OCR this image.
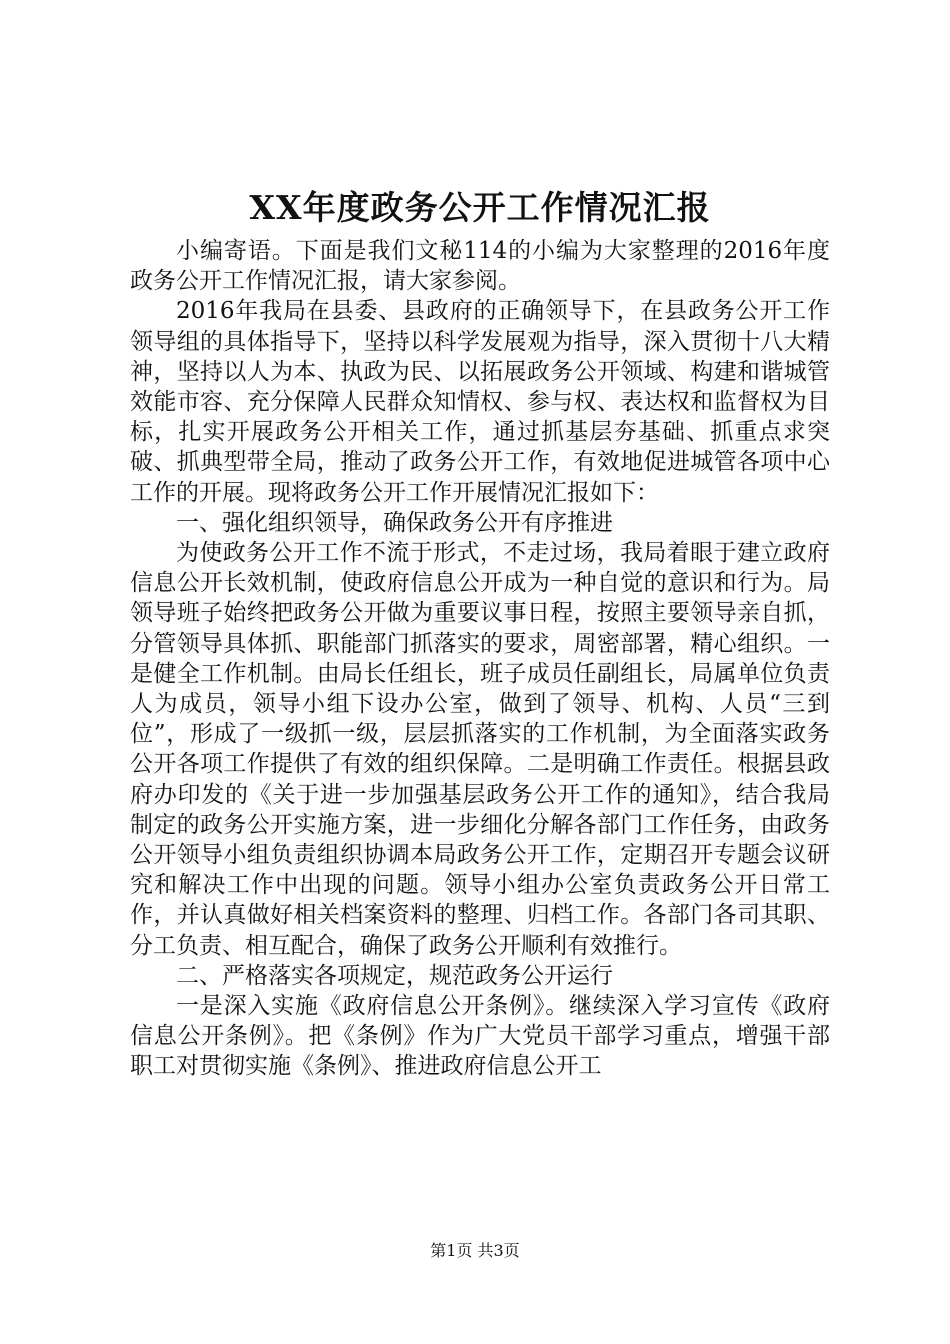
XX年度政务公开工作情况汇报

小编寄语。下面是我们文秘114的小编为大家整理的2016年度政务公开工作情况汇报，请大家参阅。

2016年我局在县委、县政府的正确领导下，在县政务公开工作领导组的具体指导下，坚持以科学发展观为指导，深入贯彻十八大精神，坚持以人为本、执政为民、以拓展政务公开领域、构建和谐城管效能市容、充分保障人民群众知情权、参与权、表达权和监督权为目标，扎实开展政务公开相关工作，通过抓基层夯基础、抓重点求突破、抓典型带全局，推动了政务公开工作，有效地促进城管各项中心工作的开展。现将政务公开工作开展情况汇报如下：

一、强化组织领导，确保政务公开有序推进

为使政务公开工作不流于形式，不走过场，我局着眼于建立政府信息公开长效机制，使政府信息公开成为一种自觉的意识和行为。局领导班子始终把政务公开做为重要议事日程，按照主要领导亲自抓，分管领导具体抓、职能部门抓落实的要求，周密部署，精心组织。一是健全工作机制。由局长任组长，班子成员任副组长，局属单位负责人为成员，领导小组下设办公室，做到了领导、机构、人员“三到位”，形成了一级抓一级，层层抓落实的工作机制，为全面落实政务公开各项工作提供了有效的组织保障。二是明确工作责任。根据县政府办印发的《关于进一步加强基层政务公开工作的通知》，结合我局制定的政务公开实施方案，进一步细化分解各部门工作任务，由政务公开领导小组负责组织协调本局政务公开工作，定期召开专题会议研究和解决工作中出现的问题。领导小组办公室负责政务公开日常工作，并认真做好相关档案资料的整理、归档工作。各部门各司其职、分工负责、相互配合，确保了政务公开顺利有效推行。

二、严格落实各项规定，规范政务公开运行

一是深入实施《政府信息公开条例》。继续深入学习宣传《政府信息公开条例》。把《条例》作为广大党员干部学习重点，增强干部职工对贯彻实施《条例》、推进政府信息公开工

第1页 共3页
